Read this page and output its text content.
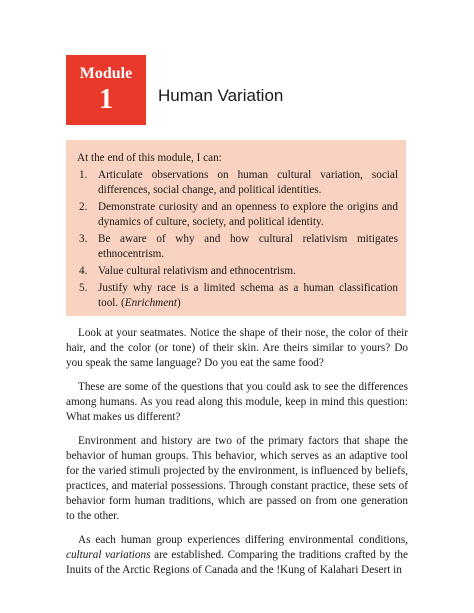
Module
1	Human Variation

At the end of this module, I can:

1. Articulate observations on human cultural variation, social differences, social change, and political identities.
2. Demonstrate curiosity and an openness to explore the origins and dynamics of culture, society, and political identity.
3. Be aware of why and how cultural relativism mitigates ethnocentrism.
4. Value cultural relativism and ethnocentrism.
5. Justify why race is a limited schema as a human classification tool. (Enrichment)

Look at your seatmates. Notice the shape of their nose, the color of their hair, and the color (or tone) of their skin. Are theirs similar to yours? Do you speak the same language? Do you eat the same food?

These are some of the questions that you could ask to see the differences among humans. As you read along this module, keep in mind this question: What makes us different?

Environment and history are two of the primary factors that shape the behavior of human groups. This behavior, which serves as an adaptive tool for the varied stimuli projected by the environment, is influenced by beliefs, practices, and material possessions. Through constant practice, these sets of behavior form human traditions, which are passed on from one generation to the other.

As each human group experiences differing environmental conditions, cultural variations are established. Comparing the traditions crafted by the Inuits of the Arctic Regions of Canada and the !Kung of Kalahari Desert in
